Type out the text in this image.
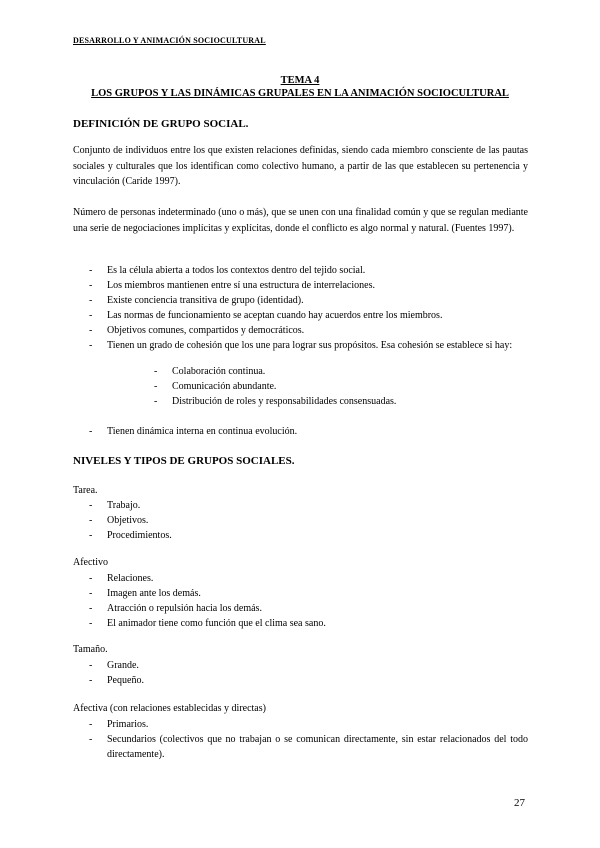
DESARROLLO Y ANIMACIÓN SOCIOCULTURAL
TEMA 4
LOS GRUPOS Y LAS DINÁMICAS GRUPALES EN LA ANIMACIÓN SOCIOCULTURAL
DEFINICIÓN DE GRUPO SOCIAL.
Conjunto de individuos entre los que existen relaciones definidas, siendo cada miembro consciente de las pautas sociales y culturales que los identifican como colectivo humano, a partir de las que establecen su pertenencia y vinculación (Caride 1997).
Número de personas indeterminado (uno o más), que se unen con una finalidad común y que se regulan mediante una serie de negociaciones implícitas y explícitas, donde el conflicto es algo normal y natural. (Fuentes 1997).
- Es la célula abierta a todos los contextos dentro del tejido social.
- Los miembros mantienen entre sí una estructura de interrelaciones.
- Existe conciencia transitiva de grupo (identidad).
- Las normas de funcionamiento se aceptan cuando hay acuerdos entre los miembros.
- Objetivos comunes, compartidos y democráticos.
- Tienen un grado de cohesión que los une para lograr sus propósitos. Esa cohesión se establece si hay:
- Colaboración continua.
- Comunicación abundante.
- Distribución de roles y responsabilidades consensuadas.
- Tienen dinámica interna en continua evolución.
NIVELES Y TIPOS DE GRUPOS SOCIALES.
Tarea.
- Trabajo.
- Objetivos.
- Procedimientos.
Afectivo
- Relaciones.
- Imagen ante los demás.
- Atracción o repulsión hacia los demás.
- El animador tiene como función que el clima sea sano.
Tamaño.
- Grande.
- Pequeño.
Afectiva (con relaciones establecidas y directas)
- Primarios.
- Secundarios (colectivos que no trabajan o se comunican directamente, sin estar relacionados del todo directamente).
27
